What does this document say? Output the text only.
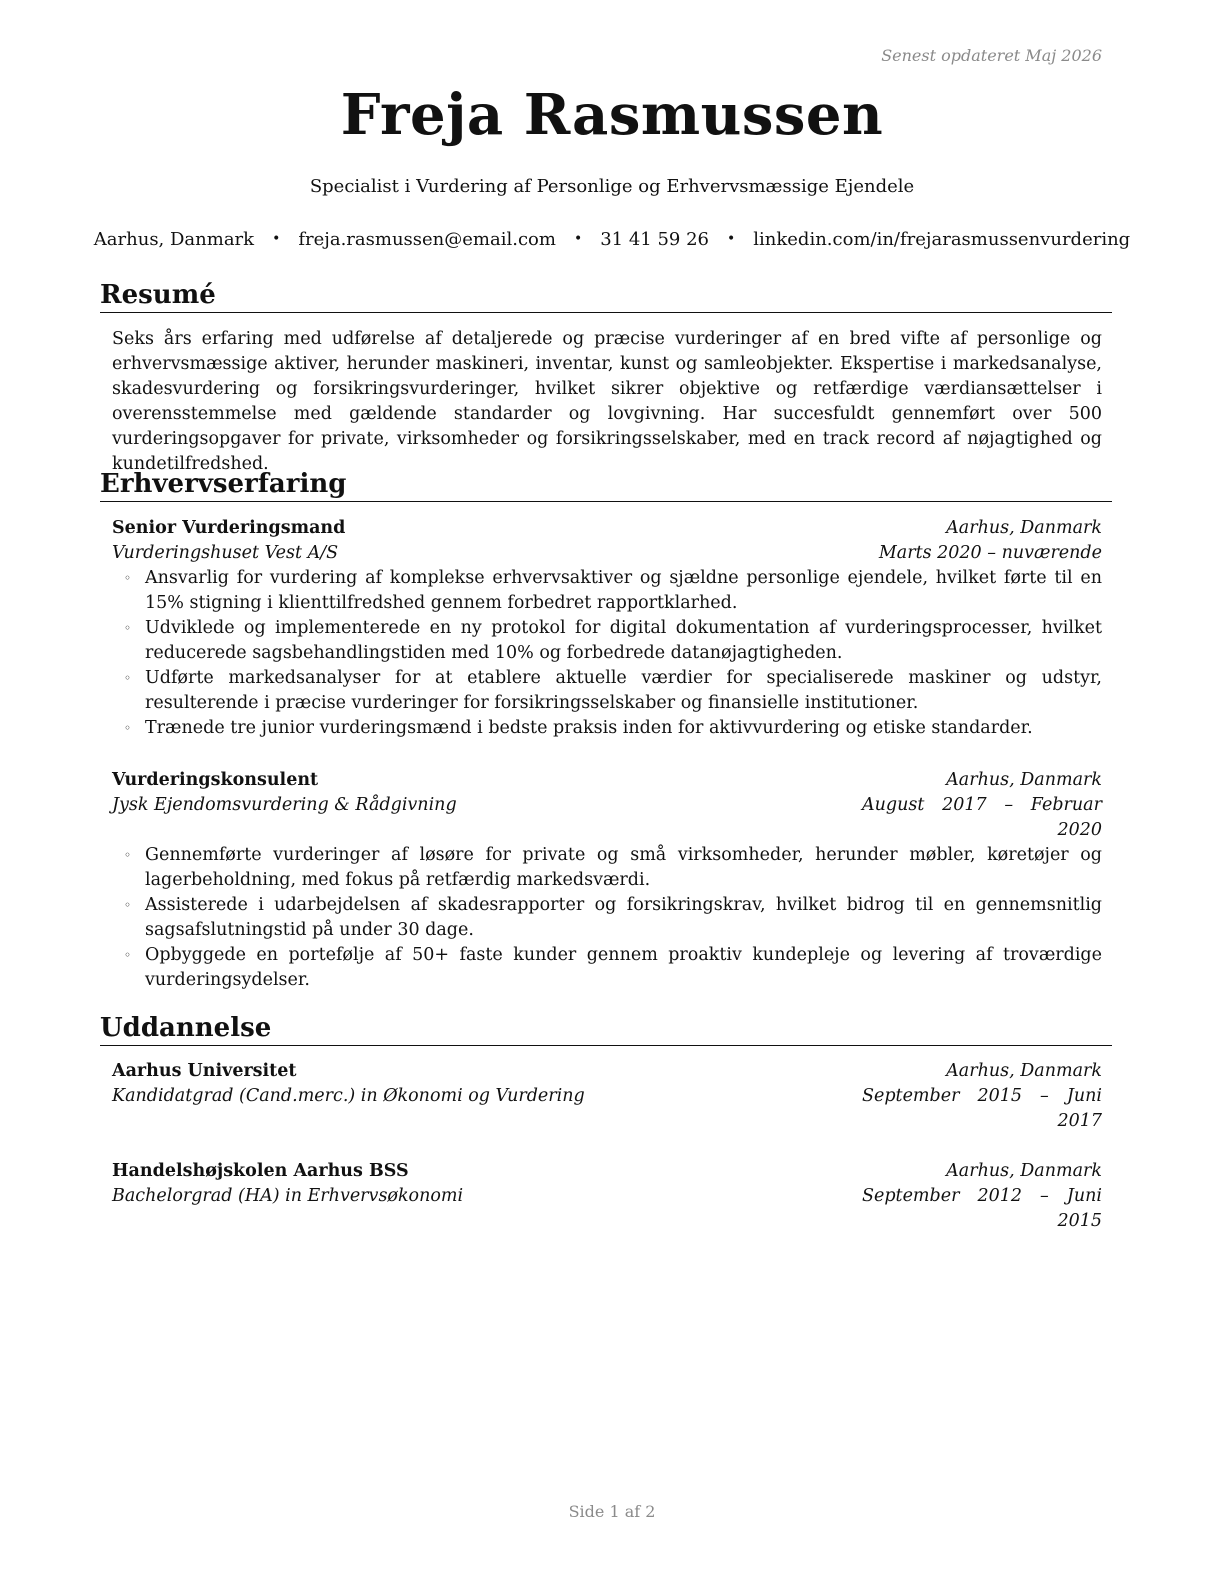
Senest opdateret Maj 2026
Freja Rasmussen
Specialist i Vurdering af Personlige og Erhvervsmæssige Ejendele
Aarhus, Danmark • freja.rasmussen@email.com • 31 41 59 26 • linkedin.com/in/frejarasmussenvurdering
Resumé
Seks års erfaring med udførelse af detaljerede og præcise vurderinger af en bred vifte af personlige og erhvervsmæssige aktiver, herunder maskineri, inventar, kunst og samleobjekter. Ekspertise i markedsanalyse, skadesvurdering og forsikringsvurderinger, hvilket sikrer objektive og retfærdige værdiansættelser i overensstemmelse med gældende standarder og lovgivning. Har succesfuldt gennemført over 500 vurderingsopgaver for private, virksomheder og forsikringsselskaber, med en track record af nøjagtighed og kundetilfredshed.
Erhvervserfaring
Senior Vurderingsmand	Aarhus, Danmark
Vurderingshuset Vest A/S	Marts 2020 – nuværende
◦ Ansvarlig for vurdering af komplekse erhvervsaktiver og sjældne personlige ejendele, hvilket førte til en 15% stigning i klienttilfredshed gennem forbedret rapportklarhed.
◦ Udviklede og implementerede en ny protokol for digital dokumentation af vurderingsprocesser, hvilket reducerede sagsbehandlingstiden med 10% og forbedrede datanøjagtigheden.
◦ Udførte markedsanalyser for at etablere aktuelle værdier for specialiserede maskiner og udstyr, resulterende i præcise vurderinger for forsikringsselskaber og finansielle institutioner.
◦ Trænede tre junior vurderingsmænd i bedste praksis inden for aktivvurdering og etiske standarder.
Vurderingskonsulent	Aarhus, Danmark
Jysk Ejendomsvurdering & Rådgivning	August 2017 – Februar 2020
◦ Gennemførte vurderinger af løsøre for private og små virksomheder, herunder møbler, køretøjer og lagerbeholdning, med fokus på retfærdig markedsværdi.
◦ Assisterede i udarbejdelsen af skadesrapporter og forsikringskrav, hvilket bidrog til en gennemsnitlig sagsafslutningstid på under 30 dage.
◦ Opbyggede en portefølje af 50+ faste kunder gennem proaktiv kundepleje og levering af troværdige vurderingsydelser.
Uddannelse
Aarhus Universitet	Aarhus, Danmark
Kandidatgrad (Cand.merc.) in Økonomi og Vurdering	September 2015 – Juni 2017
Handelshøjskolen Aarhus BSS	Aarhus, Danmark
Bachelorgrad (HA) in Erhvervsøkonomi	September 2012 – Juni 2015
Side 1 af 2
